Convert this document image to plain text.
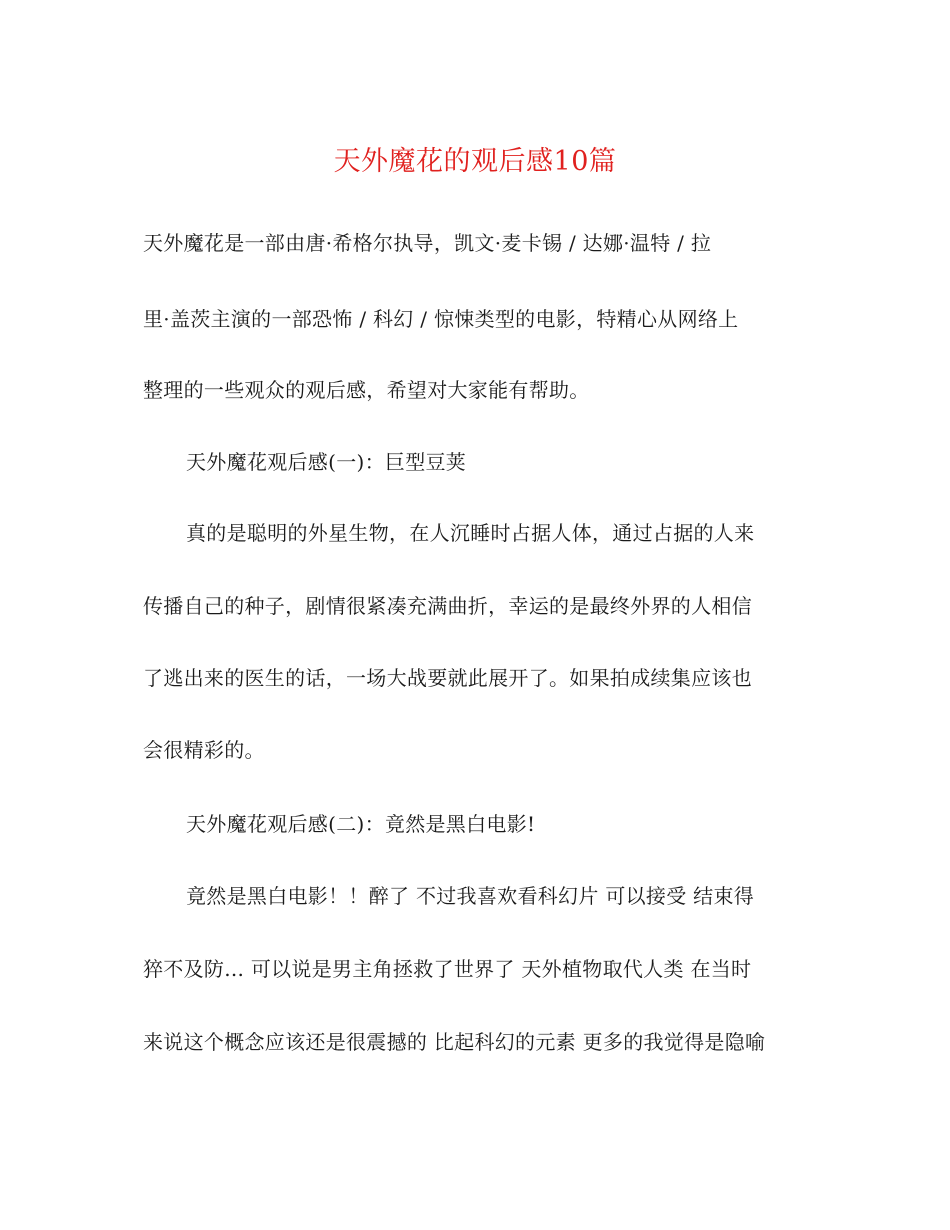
天外魔花的观后感10篇
天外魔花是一部由唐·希格尔执导，凯文·麦卡锡 / 达娜·温特 / 拉
里·盖茨主演的一部恐怖 / 科幻 / 惊悚类型的电影，特精心从网络上
整理的一些观众的观后感，希望对大家能有帮助。
天外魔花观后感(一)：巨型豆荚
真的是聪明的外星生物，在人沉睡时占据人体，通过占据的人来
传播自己的种子，剧情很紧凑充满曲折，幸运的是最终外界的人相信
了逃出来的医生的话，一场大战要就此展开了。如果拍成续集应该也
会很精彩的。
天外魔花观后感(二)：竟然是黑白电影!
竟然是黑白电影！！醉了 不过我喜欢看科幻片 可以接受 结束得
猝不及防... 可以说是男主角拯救了世界了 天外植物取代人类 在当时
来说这个概念应该还是很震撼的 比起科幻的元素 更多的我觉得是隐喻
